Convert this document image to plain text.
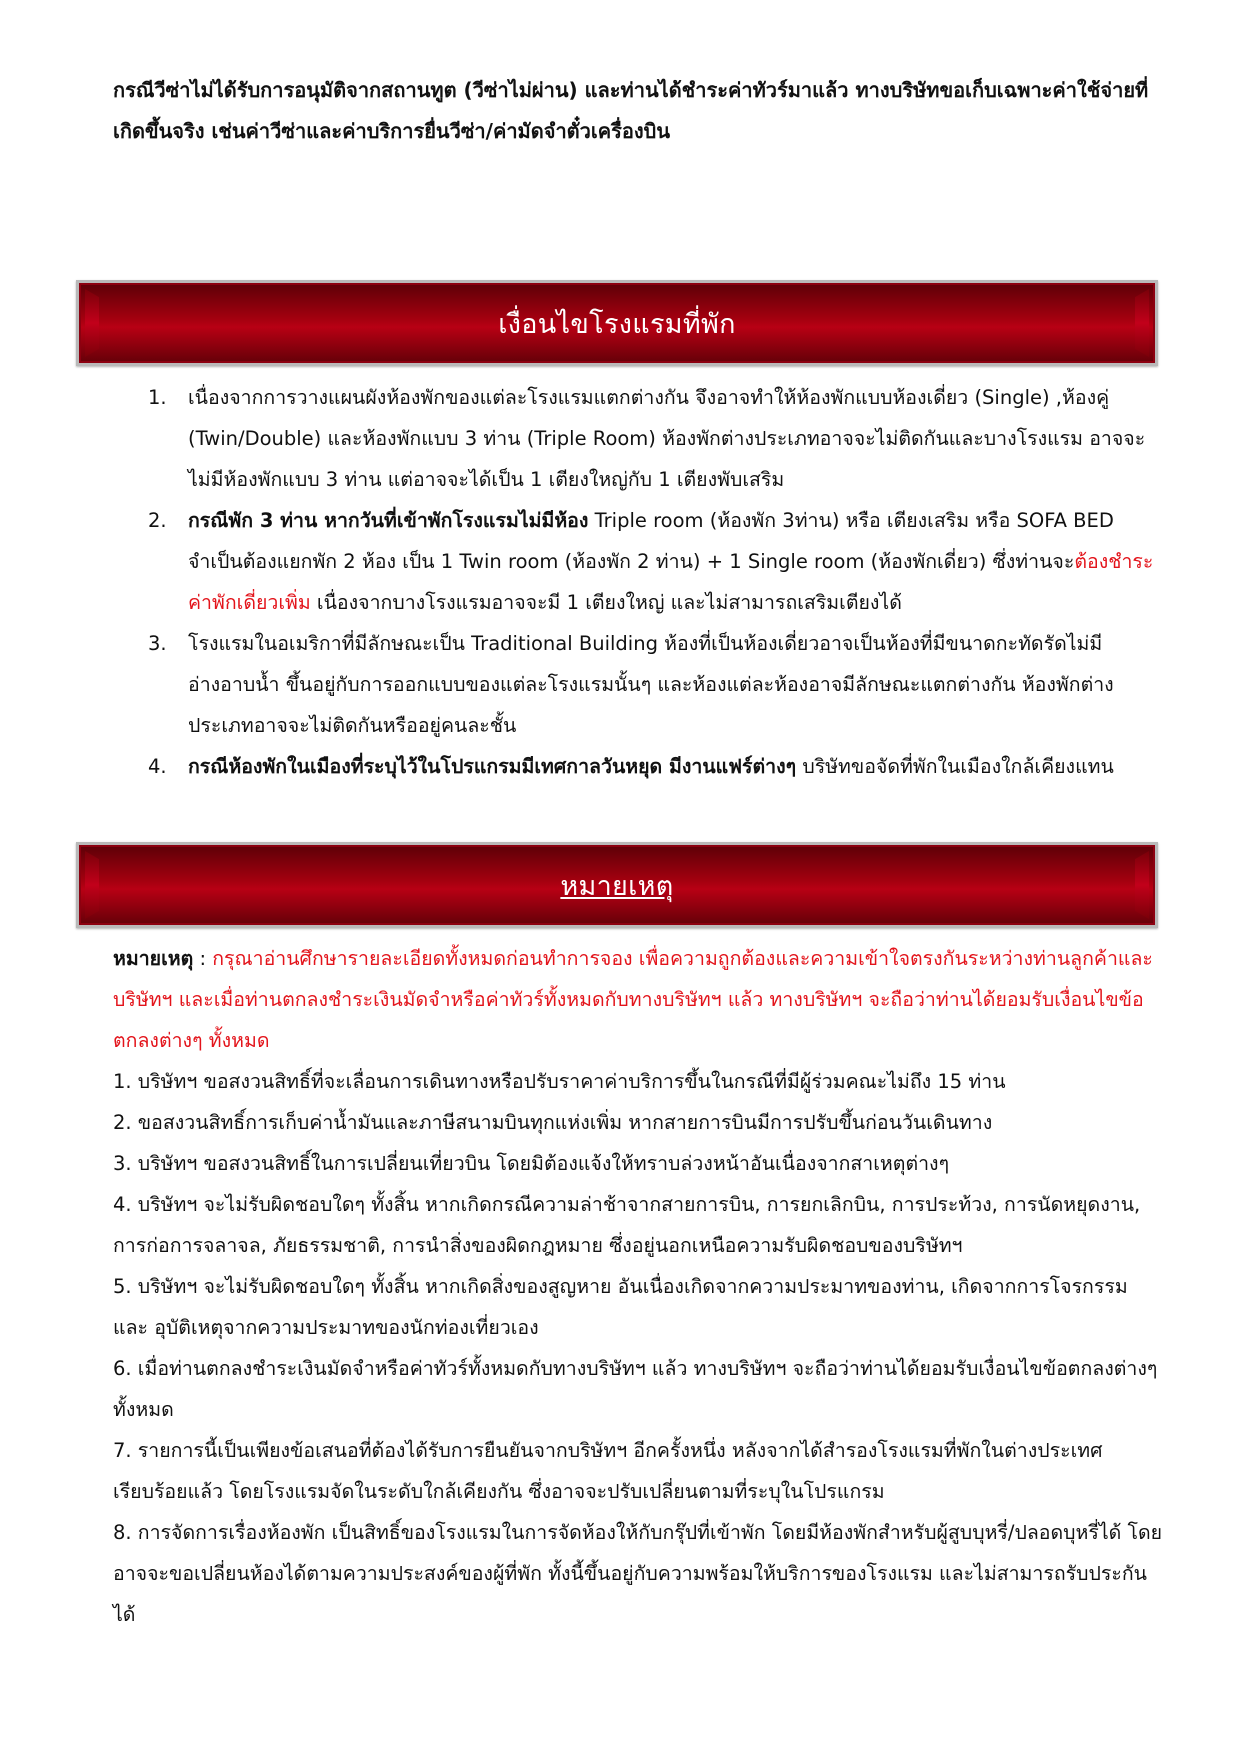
กรณีวีซ่าไม่ได้รับการอนุมัติจากสถานทูต (วีซ่าไม่ผ่าน) และท่านได้ชำระค่าทัวร์มาแล้ว ทางบริษัทขอเก็บเฉพาะค่าใช้จ่ายที่เกิดขึ้นจริง เช่นค่าวีซ่าและค่าบริการยื่นวีซ่า/ค่ามัดจำตั๋วเครื่องบิน
เงื่อนไขโรงแรมที่พัก
1. เนื่องจากการวางแผนผังห้องพักของแต่ละโรงแรมแตกต่างกัน จึงอาจทำให้ห้องพักแบบห้องเดี่ยว (Single) ,ห้องคู่ (Twin/Double) และห้องพักแบบ 3 ท่าน (Triple Room) ห้องพักต่างประเภทอาจจะไม่ติดกันและบางโรงแรม อาจจะไม่มีห้องพักแบบ 3 ท่าน แต่อาจจะได้เป็น 1 เตียงใหญ่กับ 1 เตียงพับเสริม
2. กรณีพัก 3 ท่าน หากวันที่เข้าพักโรงแรมไม่มีห้อง Triple room (ห้องพัก 3ท่าน) หรือ เตียงเสริม หรือ SOFA BED จำเป็นต้องแยกพัก 2 ห้อง เป็น 1 Twin room (ห้องพัก 2 ท่าน) + 1 Single room (ห้องพักเดี่ยว) ซึ่งท่านจะต้องชำระค่าพักเดี่ยวเพิ่ม เนื่องจากบางโรงแรมอาจจะมี 1 เตียงใหญ่ และไม่สามารถเสริมเตียงได้
3. โรงแรมในอเมริกาที่มีลักษณะเป็น Traditional Building ห้องที่เป็นห้องเดี่ยวอาจเป็นห้องที่มีขนาดกะทัดรัดไม่มีอ่างอาบน้ำ ขึ้นอยู่กับการออกแบบของแต่ละโรงแรมนั้นๆ และห้องแต่ละห้องอาจมีลักษณะแตกต่างกัน ห้องพักต่างประเภทอาจจะไม่ติดกันหรืออยู่คนละชั้น
4. กรณีห้องพักในเมืองที่ระบุไว้ในโปรแกรมมีเทศกาลวันหยุด มีงานแฟร์ต่างๆ บริษัทขอจัดที่พักในเมืองใกล้เคียงแทน
หมายเหตุ

หมายเหตุ : กรุณาอ่านศึกษารายละเอียดทั้งหมดก่อนทำการจอง เพื่อความถูกต้องและความเข้าใจตรงกันระหว่างท่านลูกค้าและบริษัทฯ และเมื่อท่านตกลงชำระเงินมัดจำหรือค่าทัวร์ทั้งหมดกับทางบริษัทฯ แล้ว ทางบริษัทฯ จะถือว่าท่านได้ยอมรับเงื่อนไขข้อตกลงต่างๆ ทั้งหมด

1. บริษัทฯ ขอสงวนสิทธิ์ที่จะเลื่อนการเดินทางหรือปรับราคาค่าบริการขึ้นในกรณีที่มีผู้ร่วมคณะไม่ถึง 15 ท่าน

2. ขอสงวนสิทธิ์การเก็บค่าน้ำมันและภาษีสนามบินทุกแห่งเพิ่ม หากสายการบินมีการปรับขึ้นก่อนวันเดินทาง

3. บริษัทฯ ขอสงวนสิทธิ์ในการเปลี่ยนเที่ยวบิน โดยมิต้องแจ้งให้ทราบล่วงหน้าอันเนื่องจากสาเหตุต่างๆ

4. บริษัทฯ จะไม่รับผิดชอบใดๆ ทั้งสิ้น หากเกิดกรณีความล่าช้าจากสายการบิน, การยกเลิกบิน, การประท้วง, การนัดหยุดงาน, การก่อการจลาจล, ภัยธรรมชาติ, การนำสิ่งของผิดกฎหมาย ซึ่งอยู่นอกเหนือความรับผิดชอบของบริษัทฯ

5. บริษัทฯ จะไม่รับผิดชอบใดๆ ทั้งสิ้น หากเกิดสิ่งของสูญหาย อันเนื่องเกิดจากความประมาทของท่าน, เกิดจากการโจรกรรม และ อุบัติเหตุจากความประมาทของนักท่องเที่ยวเอง

6. เมื่อท่านตกลงชำระเงินมัดจำหรือค่าทัวร์ทั้งหมดกับทางบริษัทฯ แล้ว ทางบริษัทฯ จะถือว่าท่านได้ยอมรับเงื่อนไขข้อตกลงต่างๆ ทั้งหมด

7. รายการนี้เป็นเพียงข้อเสนอที่ต้องได้รับการยืนยันจากบริษัทฯ อีกครั้งหนึ่ง หลังจากได้สำรองโรงแรมที่พักในต่างประเทศเรียบร้อยแล้ว โดยโรงแรมจัดในระดับใกล้เคียงกัน ซึ่งอาจจะปรับเปลี่ยนตามที่ระบุในโปรแกรม

8. การจัดการเรื่องห้องพัก เป็นสิทธิ์ของโรงแรมในการจัดห้องให้กับกรุ๊ปที่เข้าพัก โดยมีห้องพักสำหรับผู้สูบบุหรี่/ปลอดบุหรี่ได้ โดยอาจจะขอเปลี่ยนห้องได้ตามความประสงค์ของผู้ที่พัก ทั้งนี้ขึ้นอยู่กับความพร้อมให้บริการของโรงแรม และไม่สามารถรับประกันได้
